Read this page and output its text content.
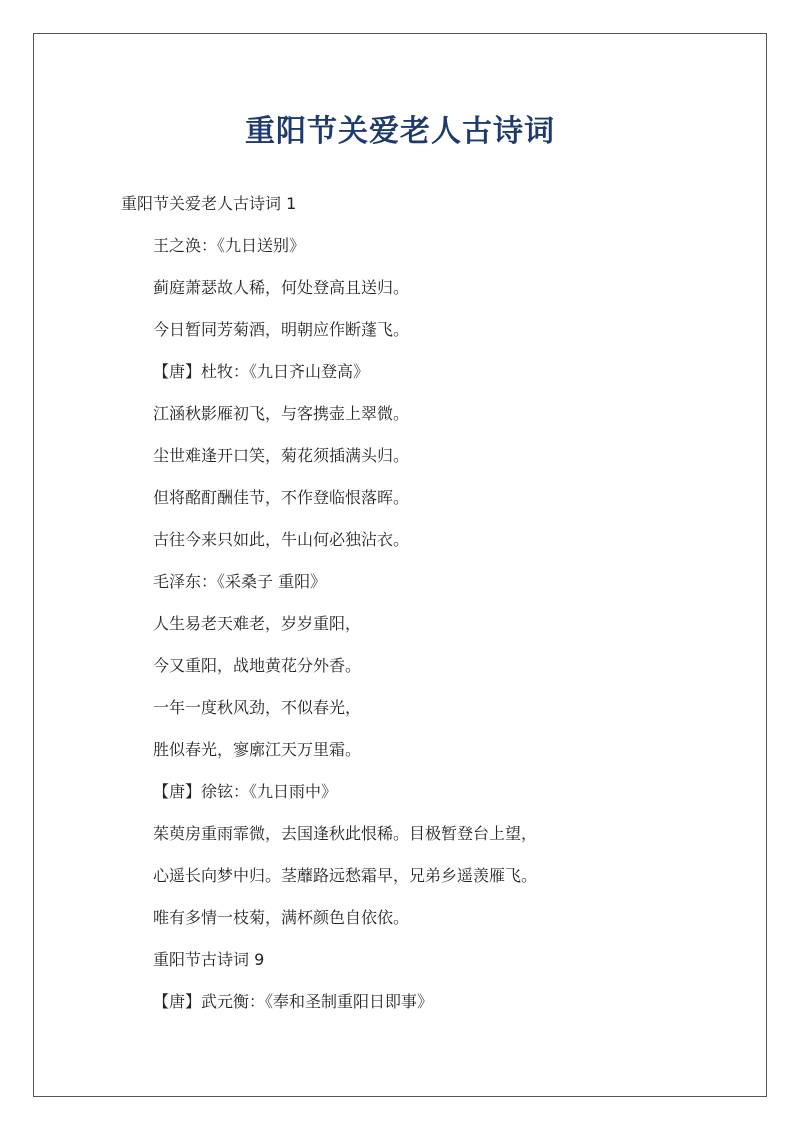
重阳节关爱老人古诗词
重阳节关爱老人古诗词 1
王之涣：《九日送别》
蓟庭萧瑟故人稀，何处登高且送归。
今日暂同芳菊酒，明朝应作断蓬飞。
【唐】杜牧：《九日齐山登高》
江涵秋影雁初飞，与客携壶上翠微。
尘世难逢开口笑，菊花须插满头归。
但将酩酊酬佳节，不作登临恨落晖。
古往今来只如此，牛山何必独沾衣。
毛泽东：《采桑子 重阳》
人生易老天难老，岁岁重阳，
今又重阳，战地黄花分外香。
一年一度秋风劲，不似春光，
胜似春光，寥廓江天万里霜。
【唐】徐铉：《九日雨中》
茱萸房重雨霏微，去国逢秋此恨稀。目极暂登台上望，
心遥长向梦中归。茎蘼路远愁霜早，兄弟乡遥羡雁飞。
唯有多情一枝菊，满杯颜色自依依。
重阳节古诗词 9
【唐】武元衡：《奉和圣制重阳日即事》
